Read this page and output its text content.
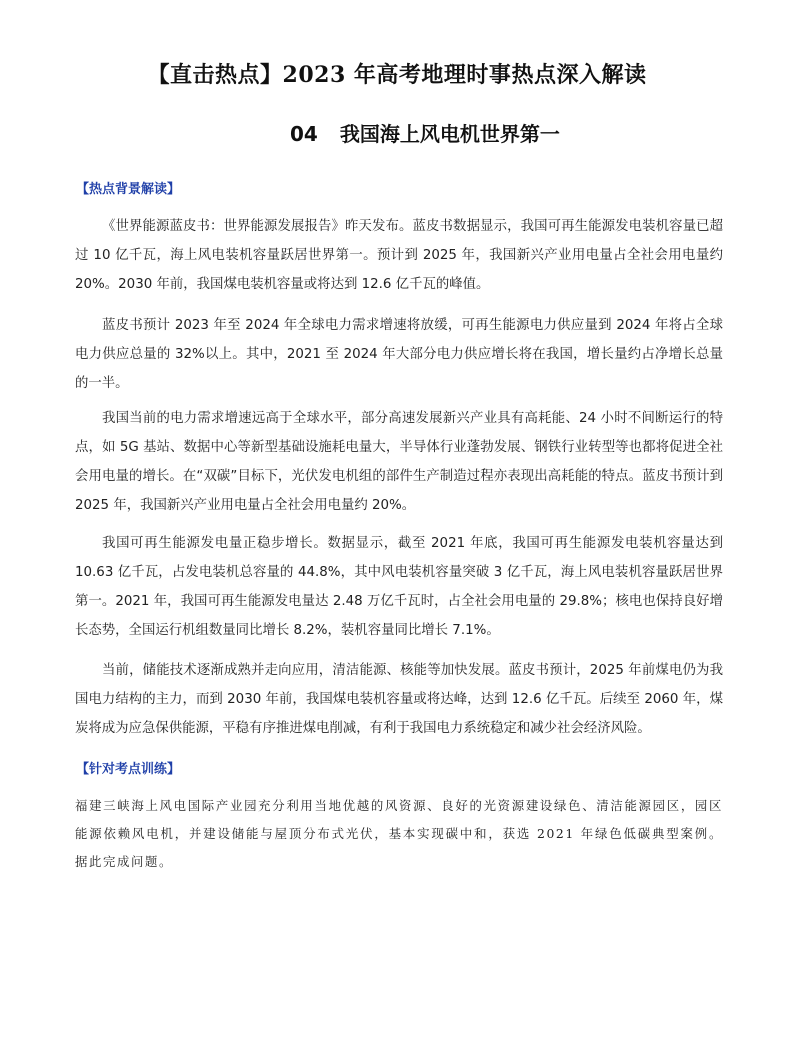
【直击热点】2023 年高考地理时事热点深入解读
04 我国海上风电机世界第一
【热点背景解读】

《世界能源蓝皮书：世界能源发展报告》昨天发布。蓝皮书数据显示，我国可再生能源发电装机容量已超过 10 亿千瓦，海上风电装机容量跃居世界第一。预计到 2025 年，我国新兴产业用电量占全社会用电量约 20%。2030 年前，我国煤电装机容量或将达到 12.6 亿千瓦的峰值。

蓝皮书预计 2023 年至 2024 年全球电力需求增速将放缓，可再生能源电力供应量到 2024 年将占全球电力供应总量的 32%以上。其中，2021 至 2024 年大部分电力供应增长将在我国，增长量约占净增长总量的一半。

我国当前的电力需求增速远高于全球水平，部分高速发展新兴产业具有高耗能、24 小时不间断运行的特点，如 5G 基站、数据中心等新型基础设施耗电量大，半导体行业蓬勃发展、钢铁行业转型等也都将促进全社会用电量的增长。在“双碳”目标下，光伏发电机组的部件生产制造过程亦表现出高耗能的特点。蓝皮书预计到 2025 年，我国新兴产业用电量占全社会用电量约 20%。

我国可再生能源发电量正稳步增长。数据显示，截至 2021 年底，我国可再生能源发电装机容量达到 10.63 亿千瓦，占发电装机总容量的 44.8%，其中风电装机容量突破 3 亿千瓦，海上风电装机容量跃居世界第一。2021 年，我国可再生能源发电量达 2.48 万亿千瓦时，占全社会用电量的 29.8%；核电也保持良好增长态势，全国运行机组数量同比增长 8.2%，装机容量同比增长 7.1%。

当前，储能技术逐渐成熟并走向应用，清洁能源、核能等加快发展。蓝皮书预计，2025 年前煤电仍为我国电力结构的主力，而到 2030 年前，我国煤电装机容量或将达峰，达到 12.6 亿千瓦。后续至 2060 年，煤炭将成为应急保供能源，平稳有序推进煤电削减，有利于我国电力系统稳定和减少社会经济风险。

【针对考点训练】

福建三峡海上风电国际产业园充分利用当地优越的风资源、良好的光资源建设绿色、清洁能源园区，园区能源依赖风电机，并建设储能与屋顶分布式光伏，基本实现碳中和，获选 2021 年绿色低碳典型案例。据此完成问题。
